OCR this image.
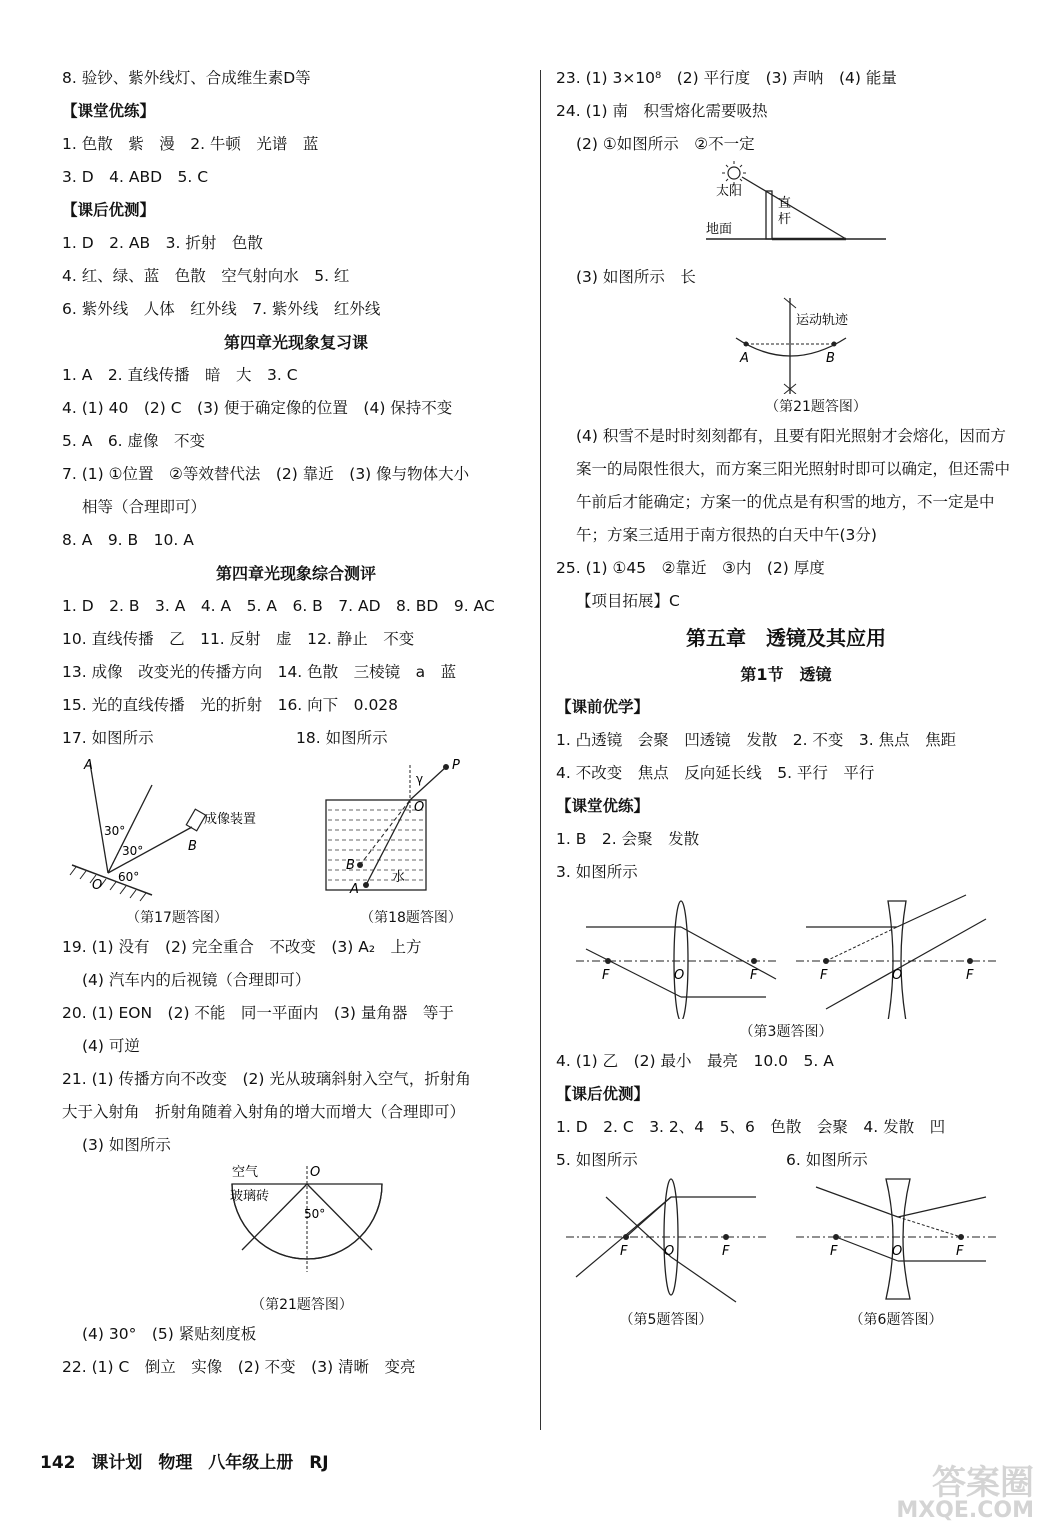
8. 验钞、紫外线灯、合成维生素D等
【课堂优练】
1. 色散　紫　漫　2. 牛顿　光谱　蓝
3. D　4. ABD　5. C
【课后优测】
1. D　2. AB　3. 折射　色散
4. 红、绿、蓝　色散　空气射向水　5. 红
6. 紫外线　人体　红外线　7. 紫外线　红外线
第四章光现象复习课
1. A　2. 直线传播　暗　大　3. C
4. (1) 40　(2) C　(3) 便于确定像的位置　(4) 保持不变
5. A　6. 虚像　不变
7. (1) ①位置　②等效替代法　(2) 靠近　(3) 像与物体大小
相等（合理即可）
8. A　9. B　10. A
第四章光现象综合测评
1. D　2. B　3. A　4. A　5. A　6. B　7. AD　8. BD　9. AC
10. 直线传播　乙　11. 反射　虚　12. 静止　不变
13. 成像　改变光的传播方向　14. 色散　三棱镜　a　蓝
15. 光的直线传播　光的折射　16. 向下　0.028
17. 如图所示	18. 如图所示
A
B
O
30°
30°
60°
成像装置
（第17题答图）
P
O
A
B
水
γ
（第18题答图）
19. (1) 没有　(2) 完全重合　不改变　(3) A₂　上方
(4) 汽车内的后视镜（合理即可）
20. (1) EON　(2) 不能　同一平面内　(3) 量角器　等于
(4) 可逆
21. (1) 传播方向不改变　(2) 光从玻璃斜射入空气，折射角
大于入射角　折射角随着入射角的增大而增大（合理即可）
(3) 如图所示
空气
玻璃砖
O
50°
（第21题答图）
(4) 30°　(5) 紧贴刻度板
22. (1) C　倒立　实像　(2) 不变　(3) 清晰　变亮
23. (1) 3×10⁸　(2) 平行度　(3) 声呐　(4) 能量
24. (1) 南　积雪熔化需要吸热
(2) ①如图所示　②不一定
太阳
直
杆
地面
(3) 如图所示　长
运动轨迹
A	B
（第21题答图）
(4) 积雪不是时时刻刻都有，且要有阳光照射才会熔化，因而方案一的局限性很大，而方案三阳光照射时即可以确定，但还需中午前后才能确定；方案一的优点是有积雪的地方，不一定是中午；方案三适用于南方很热的白天中午(3分)
25. (1) ①45　②靠近　③内　(2) 厚度
【项目拓展】C
第五章　透镜及其应用
第1节　透镜
【课前优学】
1. 凸透镜　会聚　凹透镜　发散　2. 不变　3. 焦点　焦距
4. 不改变　焦点　反向延长线　5. 平行　平行
【课堂优练】
1. B　2. 会聚　发散
3. 如图所示
F	O	F	F	O	F
（第3题答图）
4. (1) 乙　(2) 最小　最亮　10.0　5. A
【课后优测】
1. D　2. C　3. 2、4　5、6　色散　会聚　4. 发散　凹
5. 如图所示	6. 如图所示
F	O	F
（第5题答图）
F	O	F
（第6题答图）
142 课计划 物理 八年级上册 RJ	答案圈
MXQE.COM
